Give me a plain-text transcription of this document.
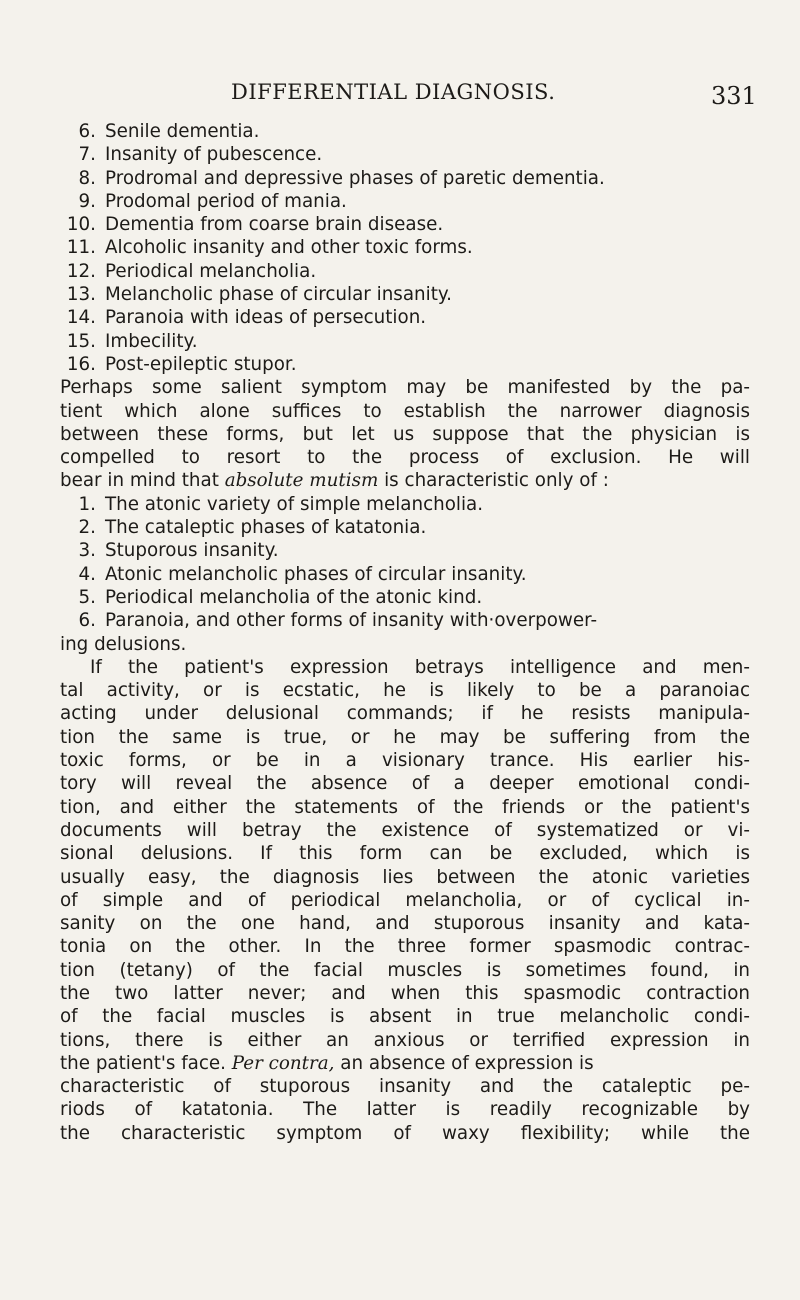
DIFFERENTIAL DIAGNOSIS.	331
6. Senile dementia.
7. Insanity of pubescence.
8. Prodromal and depressive phases of paretic dementia.
9. Prodomal period of mania.
10. Dementia from coarse brain disease.
11. Alcoholic insanity and other toxic forms.
12. Periodical melancholia.
13. Melancholic phase of circular insanity.
14. Paranoia with ideas of persecution.
15. Imbecility.
16. Post-epileptic stupor.
Perhaps some salient symptom may be manifested by the pa-
tient which alone suffices to establish the narrower diagnosis
between these forms, but let us suppose that the physician is
compelled to resort to the process of exclusion. He will
bear in mind that absolute mutism is characteristic only of :
1. The atonic variety of simple melancholia.
2. The cataleptic phases of katatonia.
3. Stuporous insanity.
4. Atonic melancholic phases of circular insanity.
5. Periodical melancholia of the atonic kind.
6. Paranoia, and other forms of insanity with·overpower-
ing delusions.
If the patient's expression betrays intelligence and men-
tal activity, or is ecstatic, he is likely to be a paranoiac
acting under delusional commands; if he resists manipula-
tion the same is true, or he may be suffering from the
toxic forms, or be in a visionary trance. His earlier his-
tory will reveal the absence of a deeper emotional condi-
tion, and either the statements of the friends or the patient's
documents will betray the existence of systematized or vi-
sional delusions. If this form can be excluded, which is
usually easy, the diagnosis lies between the atonic varieties
of simple and of periodical melancholia, or of cyclical in-
sanity on the one hand, and stuporous insanity and kata-
tonia on the other. In the three former spasmodic contrac-
tion (tetany) of the facial muscles is sometimes found, in
the two latter never; and when this spasmodic contraction
of the facial muscles is absent in true melancholic condi-
tions, there is either an anxious or terrified expression in
the patient's face. Per contra, an absence of expression is
characteristic of stuporous insanity and the cataleptic pe-
riods of katatonia. The latter is readily recognizable by
the characteristic symptom of waxy flexibility; while the
